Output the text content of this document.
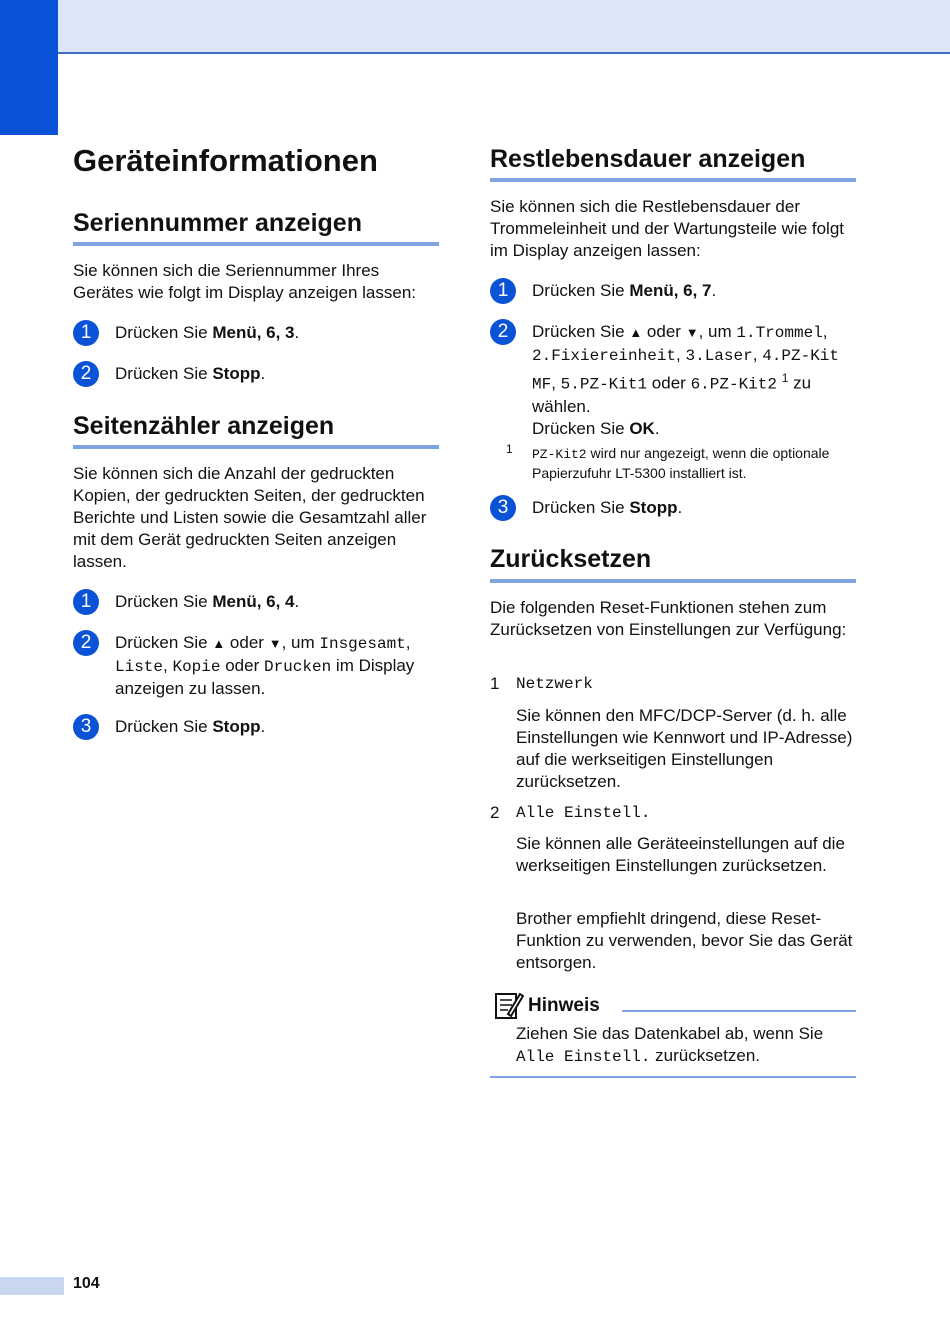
Geräteinformationen
Seriennummer anzeigen
Sie können sich die Seriennummer Ihres Gerätes wie folgt im Display anzeigen lassen:
1	Drücken Sie Menü, 6, 3.
2	Drücken Sie Stopp.
Seitenzähler anzeigen
Sie können sich die Anzahl der gedruckten Kopien, der gedruckten Seiten, der gedruckten Berichte und Listen sowie die Gesamtzahl aller mit dem Gerät gedruckten Seiten anzeigen lassen.
1	Drücken Sie Menü, 6, 4.
2	Drücken Sie ▲ oder ▼, um Insgesamt, Liste, Kopie oder Drucken im Display anzeigen zu lassen.
3	Drücken Sie Stopp.
Restlebensdauer anzeigen
Sie können sich die Restlebensdauer der Trommeleinheit und der Wartungsteile wie folgt im Display anzeigen lassen:
1	Drücken Sie Menü, 6, 7.
2	Drücken Sie ▲ oder ▼, um 1.Trommel, 2.Fixiereinheit, 3.Laser, 4.PZ-Kit MF, 5.PZ-Kit1 oder 6.PZ-Kit2 $^1$ zu wählen.
Drücken Sie OK.
1 PZ-Kit2 wird nur angezeigt, wenn die optionale Papierzufuhr LT-5300 installiert ist.
3	Drücken Sie Stopp.
Zurücksetzen
Die folgenden Reset-Funktionen stehen zum Zurücksetzen von Einstellungen zur Verfügung:
1 Netzwerk
Sie können den MFC/DCP-Server (d. h. alle Einstellungen wie Kennwort und IP-Adresse) auf die werkseitigen Einstellungen zurücksetzen.
2 Alle Einstell.
Sie können alle Geräteeinstellungen auf die werkseitigen Einstellungen zurücksetzen.
Brother empfiehlt dringend, diese Reset-Funktion zu verwenden, bevor Sie das Gerät entsorgen.
Hinweis
Ziehen Sie das Datenkabel ab, wenn Sie Alle Einstell. zurücksetzen.
104
